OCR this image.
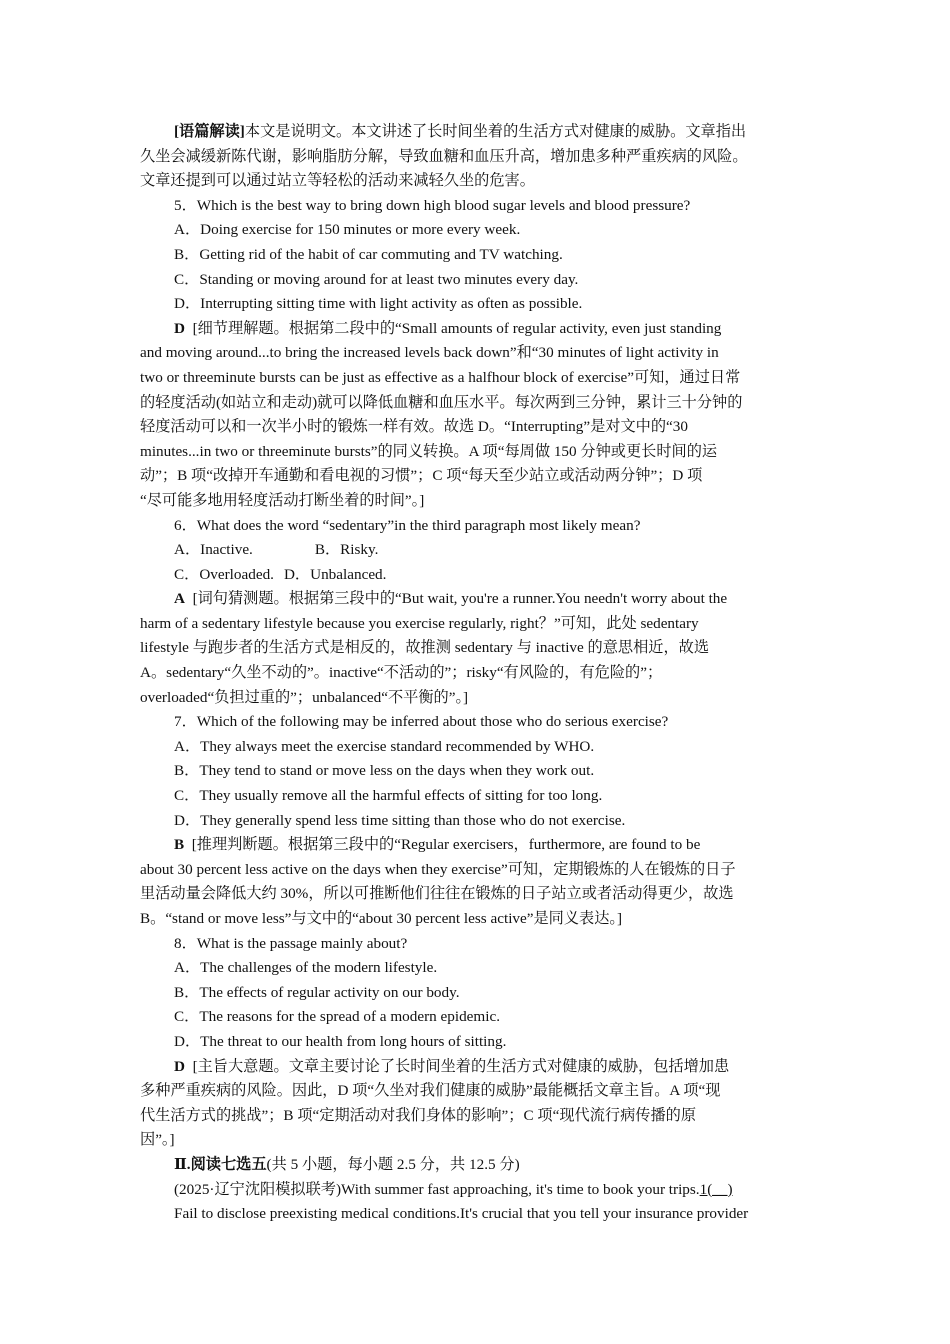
[语篇解读]本文是说明文。本文讲述了长时间坐着的生活方式对健康的威胁。文章指出
久坐会减缓新陈代谢，影响脂肪分解，导致血糖和血压升高，增加患多种严重疾病的风险。
文章还提到可以通过站立等轻松的活动来减轻久坐的危害。
5．Which is the best way to bring down high blood sugar levels and blood pressure?
A．Doing exercise for 150 minutes or more every week.
B．Getting rid of the habit of car commuting and TV watching.
C．Standing or moving around for at least two minutes every day.
D．Interrupting sitting time with light activity as often as possible.
D [细节理解题。根据第二段中的“Small amounts of regular activity, even just standing
and moving around...to bring the increased levels back down”和“30 minutes of light activity in
two or threeminute bursts can be just as effective as a halfhour block of exercise”可知，通过日常
的轻度活动(如站立和走动)就可以降低血糖和血压水平。每次两到三分钟，累计三十分钟的
轻度活动可以和一次半小时的锻炼一样有效。故选 D。“Interrupting”是对文中的“30
minutes...in two or threeminute bursts”的同义转换。A 项“每周做 150 分钟或更长时间的运
动”；B 项“改掉开车通勤和看电视的习惯”；C 项“每天至少站立或活动两分钟”；D 项
“尽可能多地用轻度活动打断坐着的时间”。]
6．What does the word “sedentary”in the third paragraph most likely mean?
A．Inactive.	B．Risky.
C．Overloaded. D．Unbalanced.
A [词句猜测题。根据第三段中的“But wait, you're a runner.You needn't worry about the
harm of a sedentary lifestyle because you exercise regularly, right？”可知，此处 sedentary
lifestyle 与跑步者的生活方式是相反的，故推测 sedentary 与 inactive 的意思相近，故选
A。sedentary“久坐不动的”。inactive“不活动的”；risky“有风险的，有危险的”；
overloaded“负担过重的”；unbalanced“不平衡的”。]
7．Which of the following may be inferred about those who do serious exercise?
A．They always meet the exercise standard recommended by WHO.
B．They tend to stand or move less on the days when they work out.
C．They usually remove all the harmful effects of sitting for too long.
D．They generally spend less time sitting than those who do not exercise.
B [推理判断题。根据第三段中的“Regular exercisers，furthermore, are found to be
about 30 percent less active on the days when they exercise”可知，定期锻炼的人在锻炼的日子
里活动量会降低大约 30%，所以可推断他们往往在锻炼的日子站立或者活动得更少，故选
B。“stand or move less”与文中的“about 30 percent less active”是同义表达。]
8．What is the passage mainly about?
A．The challenges of the modern lifestyle.
B．The effects of regular activity on our body.
C．The reasons for the spread of a modern epidemic.
D．The threat to our health from long hours of sitting.
D [主旨大意题。文章主要讨论了长时间坐着的生活方式对健康的威胁，包括增加患
多种严重疾病的风险。因此，D 项“久坐对我们健康的威胁”最能概括文章主旨。A 项“现
代生活方式的挑战”；B 项“定期活动对我们身体的影响”；C 项“现代流行病传播的原
因”。]
Ⅱ.阅读七选五(共 5 小题，每小题 2.5 分，共 12.5 分)
(2025·辽宁沈阳模拟联考)With summer fast approaching, it's time to book your trips.1(__)
Fail to disclose preexisting medical conditions.It's crucial that you tell your insurance provider
